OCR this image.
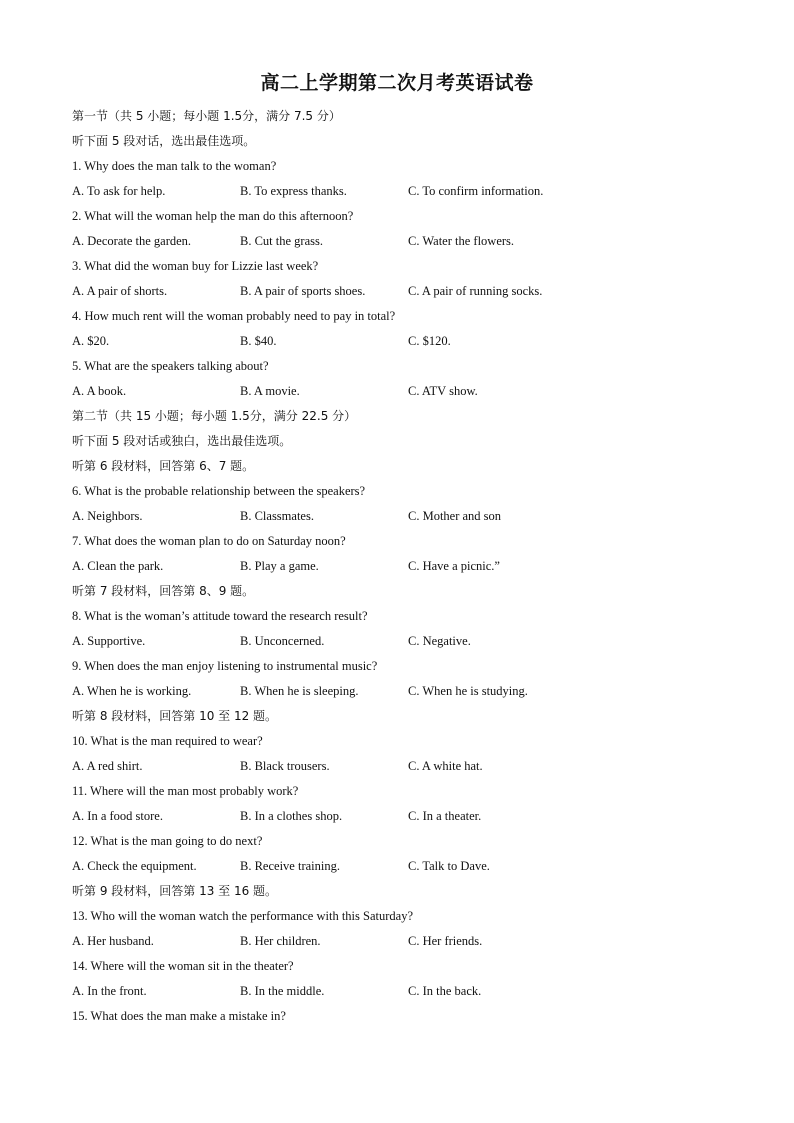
高二上学期第二次月考英语试卷
第一节（共 5 小题；每小题 1.5分，满分 7.5 分）
听下面 5 段对话，选出最佳选项。
1. Why does the man talk to the woman?
A. To ask for help.	B. To express thanks.	C. To confirm information.
2. What will the woman help the man do this afternoon?
A. Decorate the garden.	B. Cut the grass.	C. Water the flowers.
3. What did the woman buy for Lizzie last week?
A. A pair of shorts.	B. A pair of sports shoes.	C. A pair of running socks.
4. How much rent will the woman probably need to pay in total?
A. $20.	B. $40.	C. $120.
5. What are the speakers talking about?
A. A book.	B. A movie.	C. ATV show.
第二节（共 15 小题；每小题 1.5分，满分 22.5 分）
听下面 5 段对话或独白，选出最佳选项。
听第 6 段材料，回答第 6、7 题。
6. What is the probable relationship between the speakers?
A. Neighbors.	B. Classmates.	C. Mother and son
7. What does the woman plan to do on Saturday noon?
A. Clean the park.	B. Play a game.	C. Have a picnic.”
听第 7 段材料，回答第 8、9 题。
8. What is the woman’s attitude toward the research result?
A. Supportive.	B. Unconcerned.	C. Negative.
9. When does the man enjoy listening to instrumental music?
A. When he is working.	B. When he is sleeping.	C. When he is studying.
听第 8 段材料，回答第 10 至 12 题。
10. What is the man required to wear?
A. A red shirt.	B. Black trousers.	C. A white hat.
11. Where will the man most probably work?
A. In a food store.	B. In a clothes shop.	C. In a theater.
12. What is the man going to do next?
A. Check the equipment.	B. Receive training.	C. Talk to Dave.
听第 9 段材料，回答第 13 至 16 题。
13. Who will the woman watch the performance with this Saturday?
A. Her husband.	B. Her children.	C. Her friends.
14. Where will the woman sit in the theater?
A. In the front.	B. In the middle.	C. In the back.
15. What does the man make a mistake in?
